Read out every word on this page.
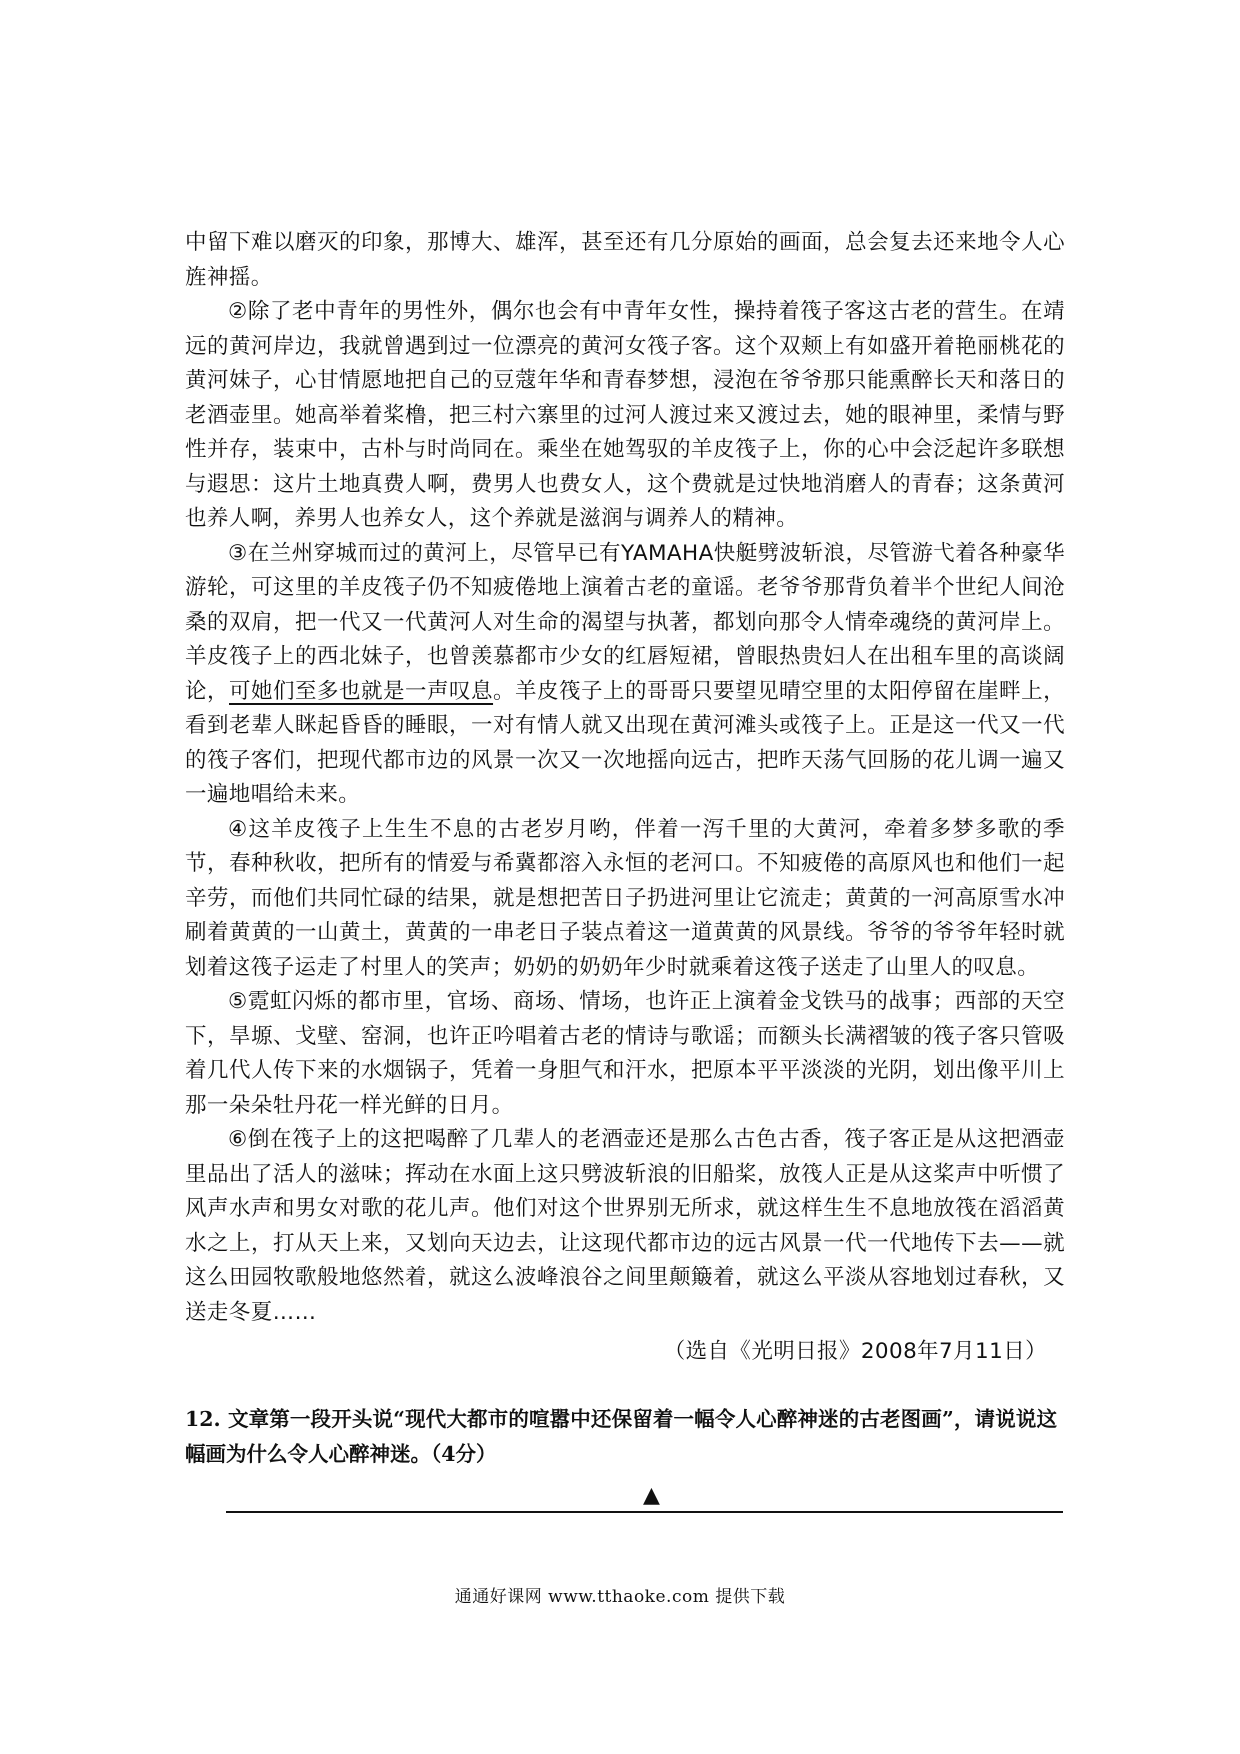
中留下难以磨灭的印象，那博大、雄浑，甚至还有几分原始的画面，总会复去还来地令人心旌神摇。

②除了老中青年的男性外，偶尔也会有中青年女性，操持着筏子客这古老的营生。在靖远的黄河岸边，我就曾遇到过一位漂亮的黄河女筏子客。这个双颊上有如盛开着艳丽桃花的黄河妹子，心甘情愿地把自己的豆蔻年华和青春梦想，浸泡在爷爷那只能熏醉长天和落日的老酒壶里。她高举着桨橹，把三村六寨里的过河人渡过来又渡过去，她的眼神里，柔情与野性并存，装束中，古朴与时尚同在。乘坐在她驾驭的羊皮筏子上，你的心中会泛起许多联想与遐思：这片土地真费人啊，费男人也费女人，这个费就是过快地消磨人的青春；这条黄河也养人啊，养男人也养女人，这个养就是滋润与调养人的精神。

③在兰州穿城而过的黄河上，尽管早已有YAMAHA快艇劈波斩浪，尽管游弋着各种豪华游轮，可这里的羊皮筏子仍不知疲倦地上演着古老的童谣。老爷爷那背负着半个世纪人间沧桑的双肩，把一代又一代黄河人对生命的渴望与执著，都划向那令人情牵魂绕的黄河岸上。羊皮筏子上的西北妹子，也曾羡慕都市少女的红唇短裙，曾眼热贵妇人在出租车里的高谈阔论，可她们至多也就是一声叹息。羊皮筏子上的哥哥只要望见晴空里的太阳停留在崖畔上，看到老辈人眯起昏昏的睡眼，一对有情人就又出现在黄河滩头或筏子上。正是这一代又一代的筏子客们，把现代都市边的风景一次又一次地摇向远古，把昨天荡气回肠的花儿调一遍又一遍地唱给未来。

④这羊皮筏子上生生不息的古老岁月哟，伴着一泻千里的大黄河，牵着多梦多歌的季节，春种秋收，把所有的情爱与希冀都溶入永恒的老河口。不知疲倦的高原风也和他们一起辛劳，而他们共同忙碌的结果，就是想把苦日子扔进河里让它流走；黄黄的一河高原雪水冲刷着黄黄的一山黄土，黄黄的一串老日子装点着这一道黄黄的风景线。爷爷的爷爷年轻时就划着这筏子运走了村里人的笑声；奶奶的奶奶年少时就乘着这筏子送走了山里人的叹息。

⑤霓虹闪烁的都市里，官场、商场、情场，也许正上演着金戈铁马的战事；西部的天空下，旱塬、戈壁、窑洞，也许正吟唱着古老的情诗与歌谣；而额头长满褶皱的筏子客只管吸着几代人传下来的水烟锅子，凭着一身胆气和汗水，把原本平平淡淡的光阴，划出像平川上那一朵朵牡丹花一样光鲜的日月。

⑥倒在筏子上的这把喝醉了几辈人的老酒壶还是那么古色古香，筏子客正是从这把酒壶里品出了活人的滋味；挥动在水面上这只劈波斩浪的旧船桨，放筏人正是从这桨声中听惯了风声水声和男女对歌的花儿声。他们对这个世界别无所求，就这样生生不息地放筏在滔滔黄水之上，打从天上来，又划向天边去，让这现代都市边的远古风景一代一代地传下去——就这么田园牧歌般地悠然着，就这么波峰浪谷之间里颠簸着，就这么平淡从容地划过春秋，又送走冬夏……

（选自《光明日报》2008年7月11日）
12. 文章第一段开头说“现代大都市的喧嚣中还保留着一幅令人心醉神迷的古老图画”，请说说这幅画为什么令人心醉神迷。（4分）
▲
通通好课网 www.tthaoke.com 提供下载
